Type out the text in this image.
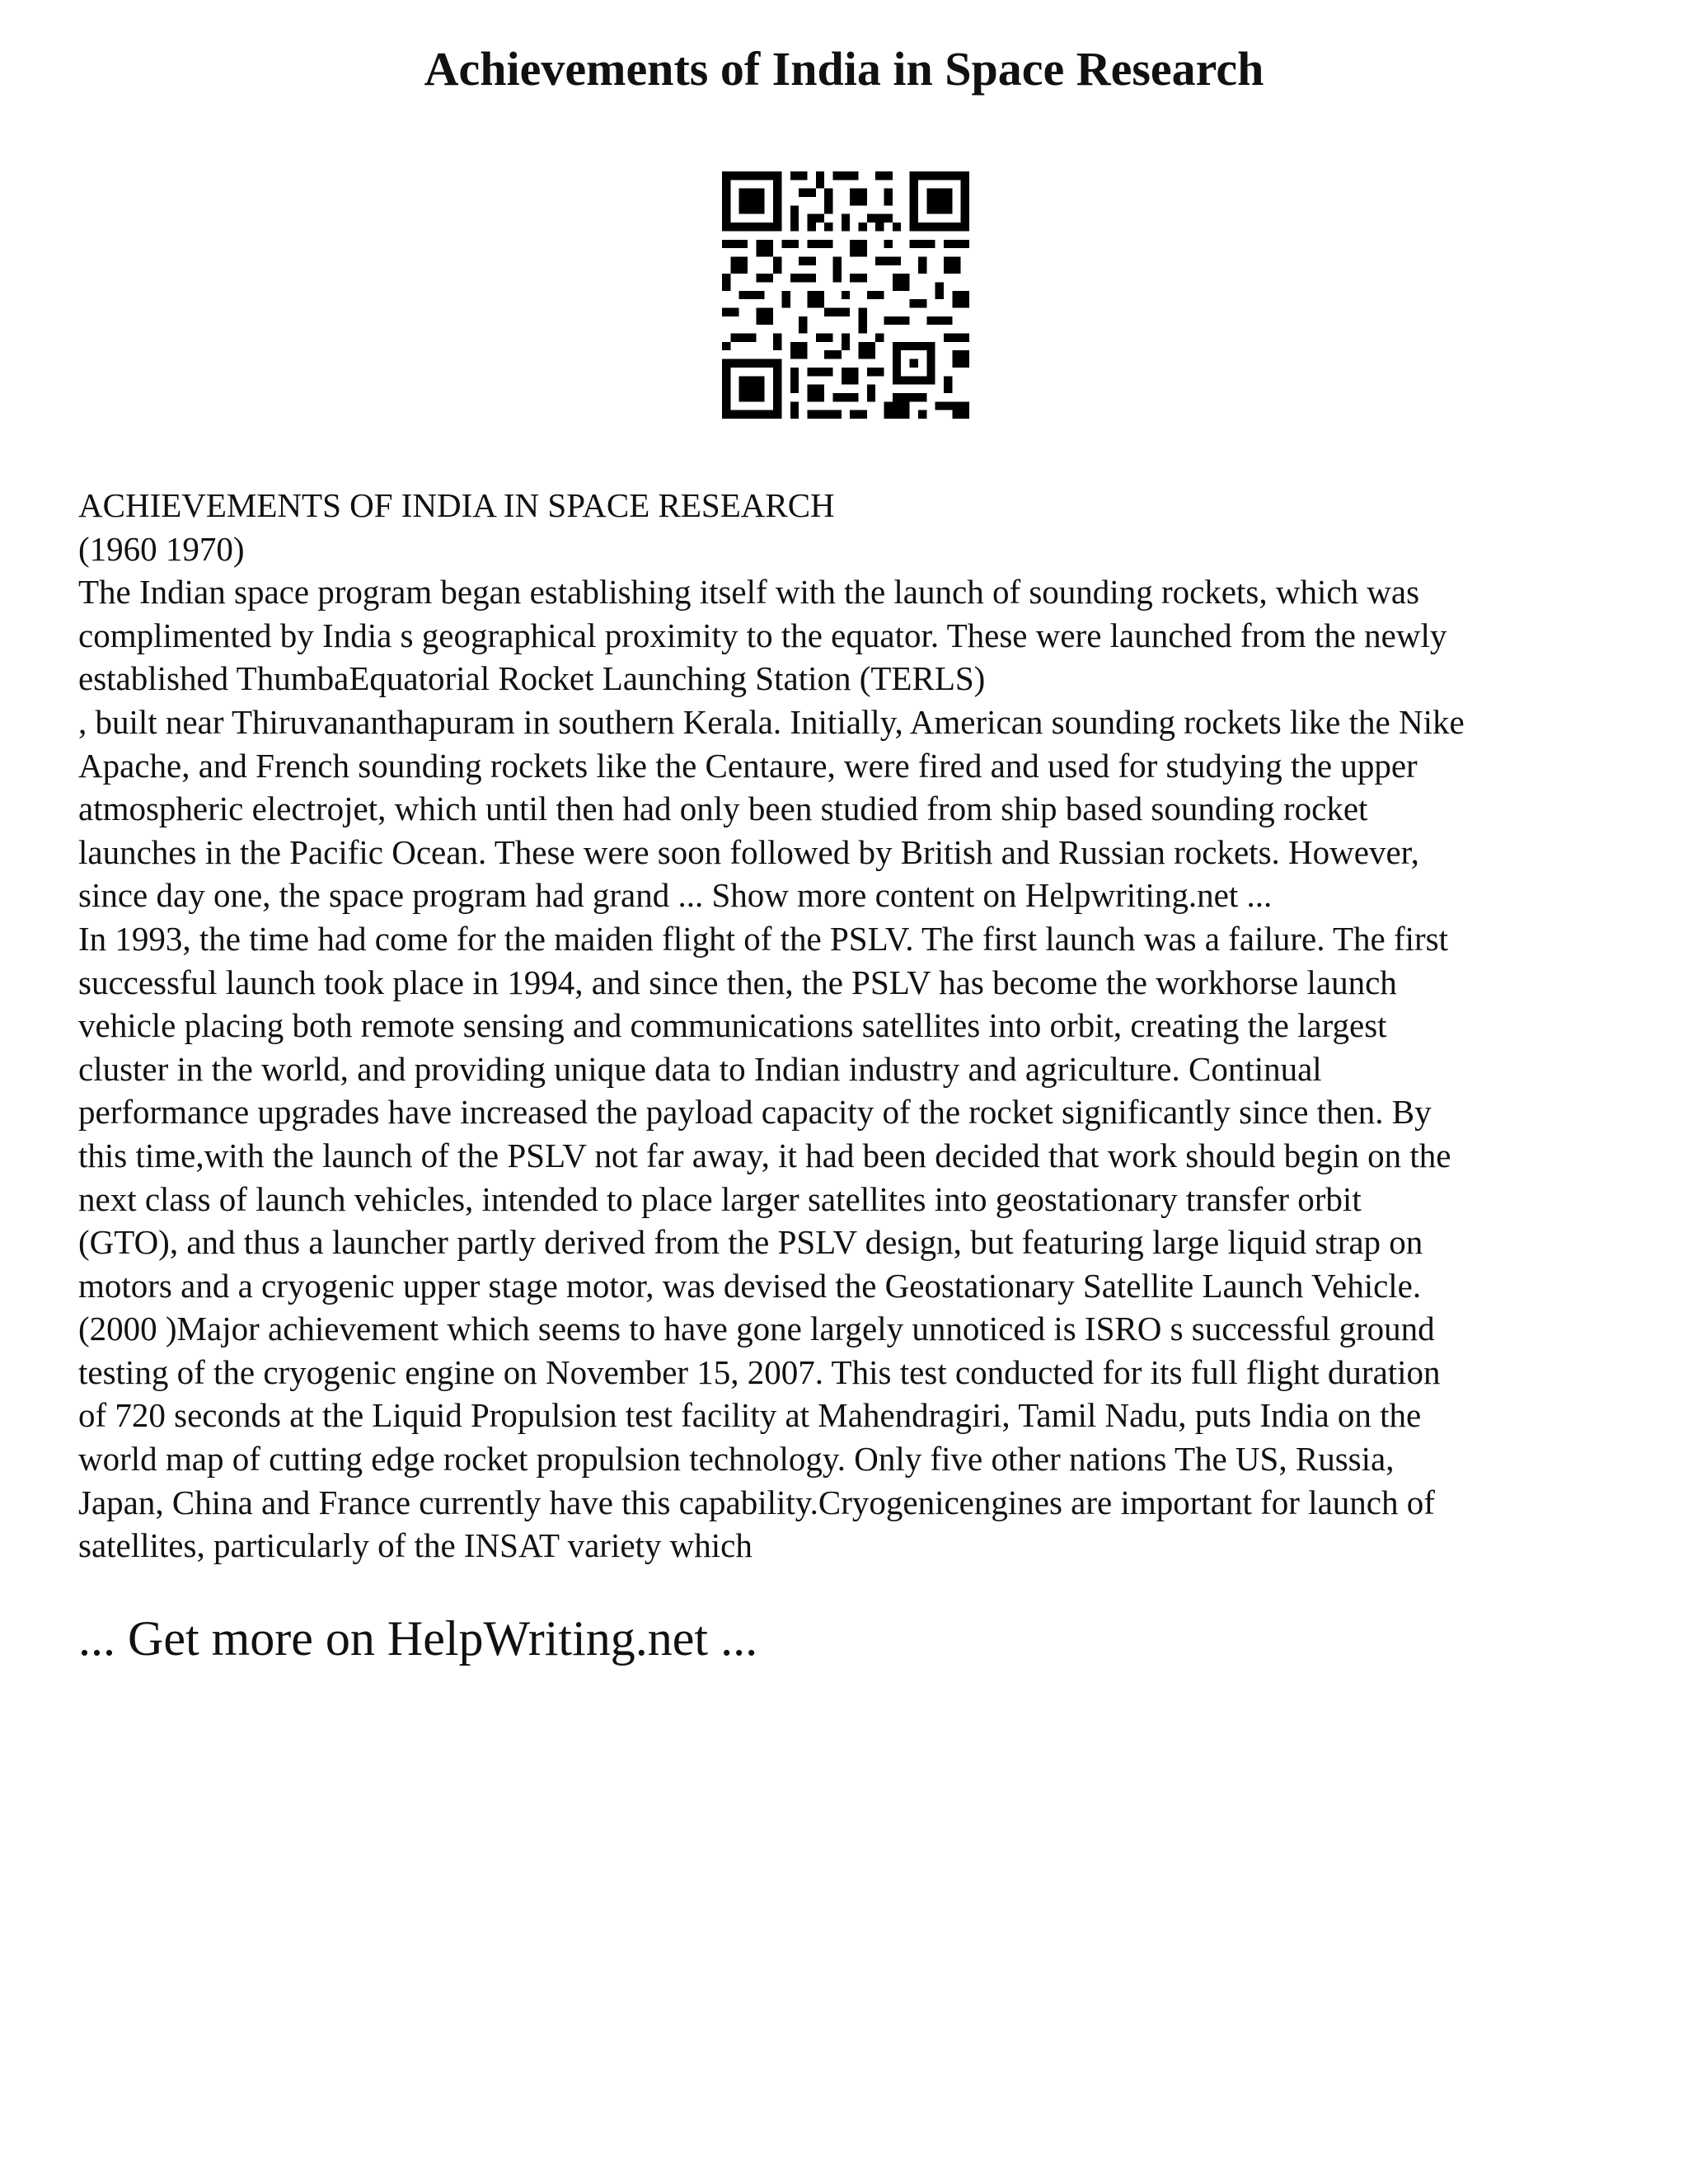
Achievements of India in Space Research
ACHIEVEMENTS OF INDIA IN SPACE RESEARCH
(1960 1970)
The Indian space program began establishing itself with the launch of sounding rockets, which was
complimented by India s geographical proximity to the equator. These were launched from the newly
established ThumbaEquatorial Rocket Launching Station (TERLS)
, built near Thiruvananthapuram in southern Kerala. Initially, American sounding rockets like the Nike
Apache, and French sounding rockets like the Centaure, were fired and used for studying the upper
atmospheric electrojet, which until then had only been studied from ship based sounding rocket
launches in the Pacific Ocean. These were soon followed by British and Russian rockets. However,
since day one, the space program had grand ... Show more content on Helpwriting.net ...
In 1993, the time had come for the maiden flight of the PSLV. The first launch was a failure. The first
successful launch took place in 1994, and since then, the PSLV has become the workhorse launch
vehicle placing both remote sensing and communications satellites into orbit, creating the largest
cluster in the world, and providing unique data to Indian industry and agriculture. Continual
performance upgrades have increased the payload capacity of the rocket significantly since then. By
this time,with the launch of the PSLV not far away, it had been decided that work should begin on the
next class of launch vehicles, intended to place larger satellites into geostationary transfer orbit
(GTO), and thus a launcher partly derived from the PSLV design, but featuring large liquid strap on
motors and a cryogenic upper stage motor, was devised the Geostationary Satellite Launch Vehicle.
(2000 )Major achievement which seems to have gone largely unnoticed is ISRO s successful ground
testing of the cryogenic engine on November 15, 2007. This test conducted for its full flight duration
of 720 seconds at the Liquid Propulsion test facility at Mahendragiri, Tamil Nadu, puts India on the
world map of cutting edge rocket propulsion technology. Only five other nations The US, Russia,
Japan, China and France currently have this capability.Cryogenicengines are important for launch of
satellites, particularly of the INSAT variety which
... Get more on HelpWriting.net ...
